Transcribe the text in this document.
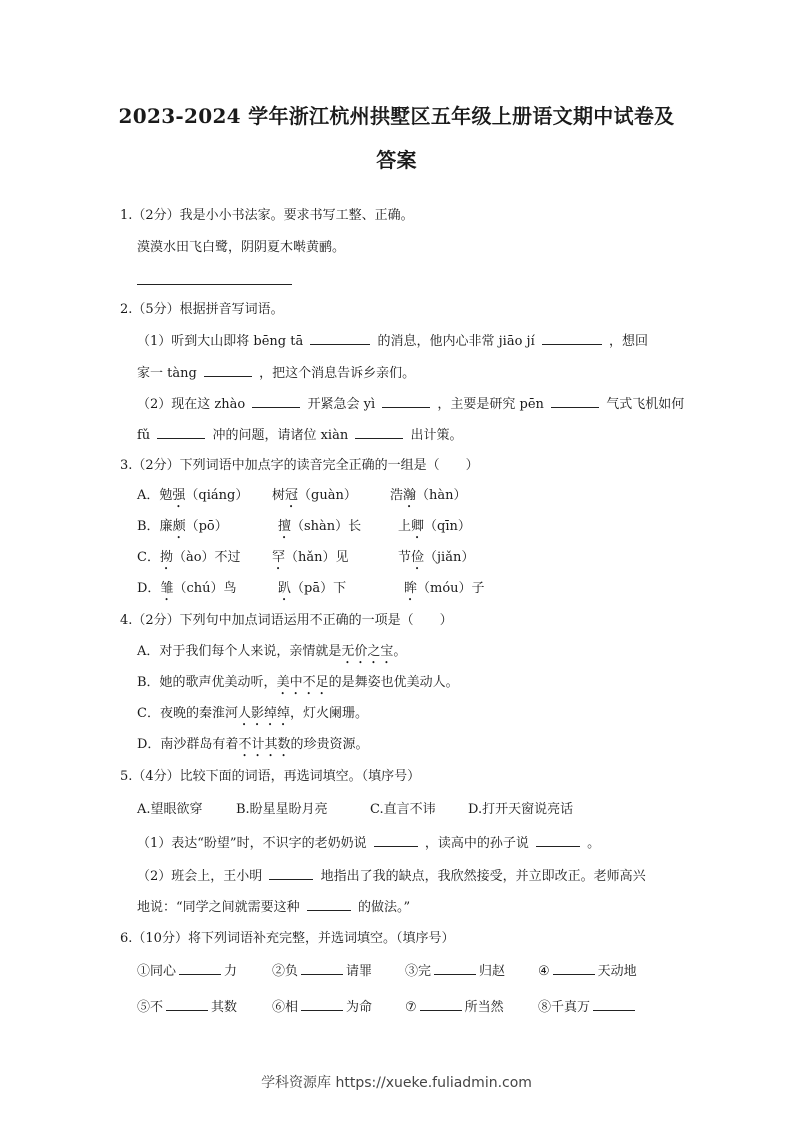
2023-2024 学年浙江杭州拱墅区五年级上册语文期中试卷及
答案
1.（2分）我是小小书法家。要求书写工整、正确。
漠漠水田飞白鹭，阴阴夏木啭黄鹂。
2.（5分）根据拼音写词语。
（1）听到大山即将 bēng tā	的消息，他内心非常 jiāo jí	，想回
家一 tàng	，把这个消息告诉乡亲们。
（2）现在这 zhào	开紧急会 yì	，主要是研究 pēn	气式飞机如何
fǔ	冲的问题，请诸位 xiàn	出计策。
3.（2分）下列词语中加点字的读音完全正确的一组是（　　）
A．勉强（qiáng） 树冠（guàn）	浩瀚（hàn）
B．廉颇（pō）	擅（shàn）长	上卿（qīn）
C．拗（ào）不过 罕（hǎn）见	节俭（jiǎn）
D．雏（chú）鸟	趴（pā）下	眸（móu）子
4.（2分）下列句中加点词语运用不正确的一项是（　　）
A．对于我们每个人来说，亲情就是无价之宝。
B．她的歌声优美动听，美中不足的是舞姿也优美动人。
C．夜晚的秦淮河人影绰绰，灯火阑珊。
D．南沙群岛有着不计其数的珍贵资源。
5.（4分）比较下面的词语，再选词填空。（填序号）
A.望眼欲穿	B.盼星星盼月亮	C.直言不讳 D.打开天窗说亮话
（1）表达“盼望”时，不识字的老奶奶说	，读高中的孙子说	。
（2）班会上，王小明	地指出了我的缺点，我欣然接受，并立即改正。老师高兴
地说：“同学之间就需要这种	的做法。”
6.（10分）将下列词语补充完整，并选词填空。（填序号）
①同心	力	②负	请罪	③完	归赵	④	天动地
⑤不	其数	⑥相	为命	⑦	所当然	⑧千真万
学科资源库 https://xueke.fuliadmin.com
